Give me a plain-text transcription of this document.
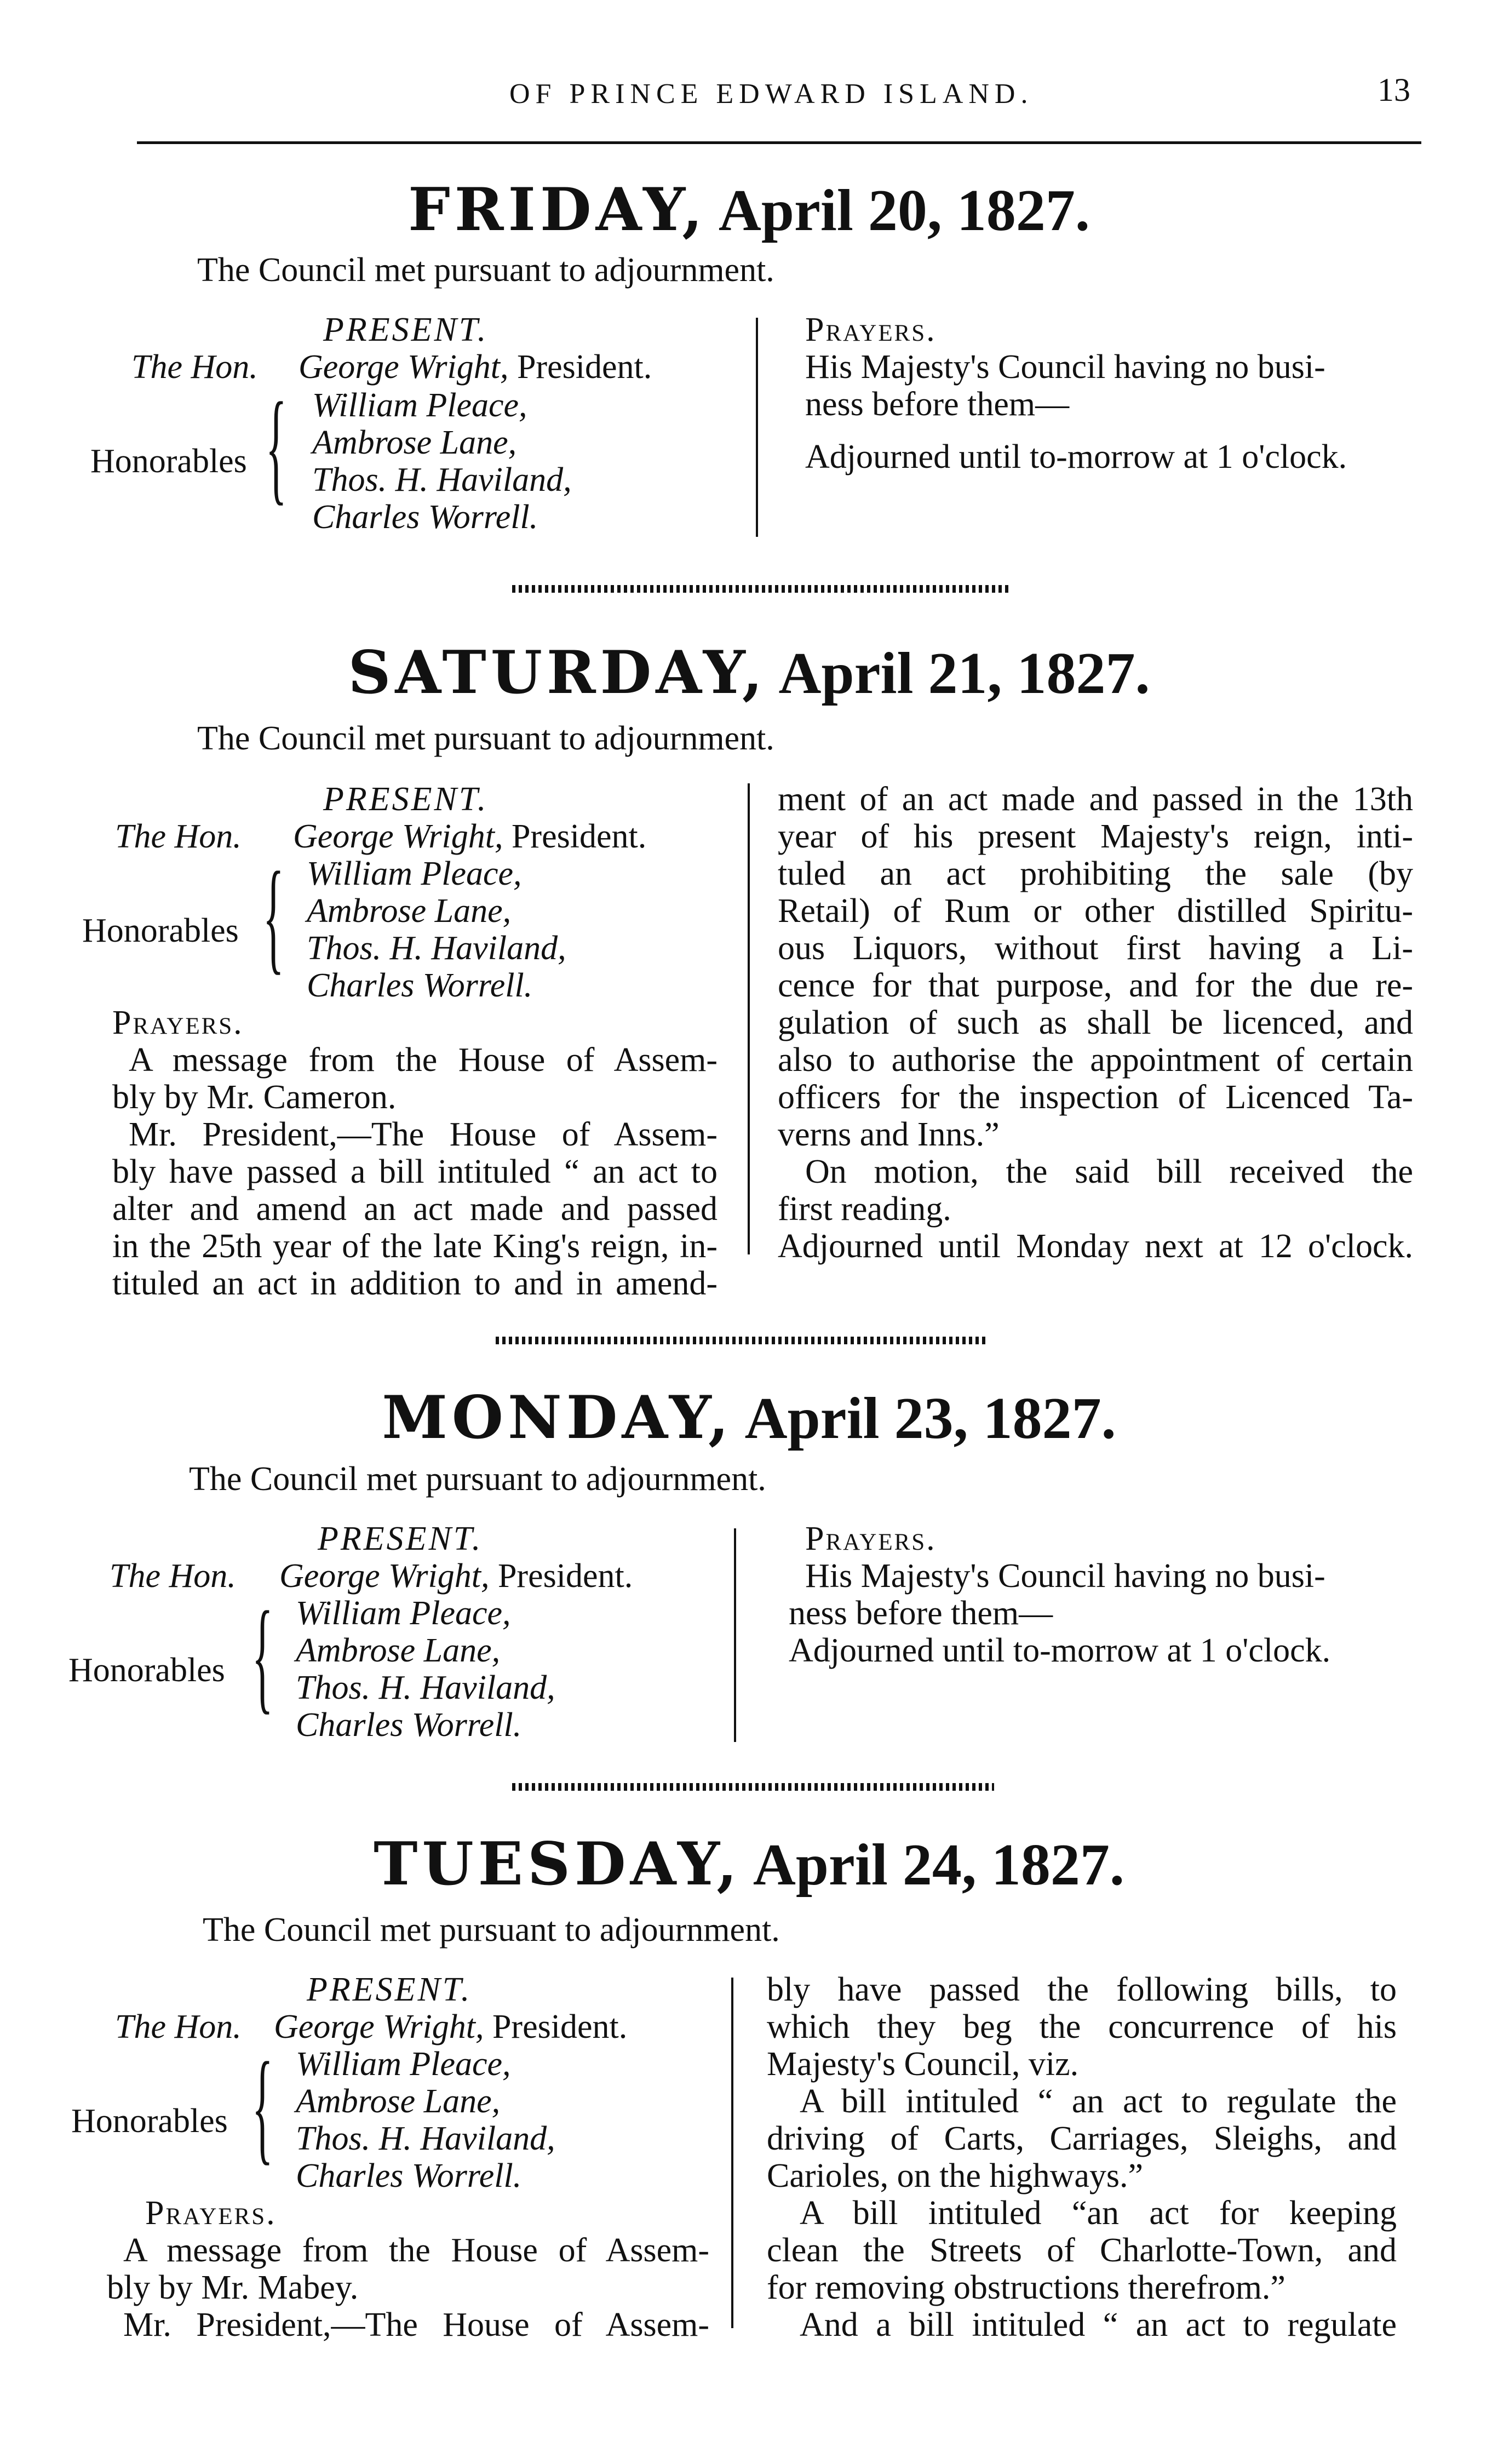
OF PRINCE EDWARD ISLAND.	13
FRIDAY, April 20, 1827.
The Council met pursuant to adjournment.
PRESENT.
The Hon. George Wright, President.
Honorables { William Pleace,
Ambrose Lane,
Thos. H. Haviland,
Charles Worrell.
Prayers.
His Majesty's Council having no busi-
ness before them—
Adjourned until to-morrow at 1 o'clock.
SATURDAY, April 21, 1827.
The Council met pursuant to adjournment.
PRESENT.
The Hon. George Wright, President.
Honorables { William Pleace,
Ambrose Lane,
Thos. H. Haviland,
Charles Worrell.
Prayers.
A message from the House of Assem-
bly by Mr. Cameron.
Mr. President,—The House of Assem-
bly have passed a bill intituled “ an act to
alter and amend an act made and passed
in the 25th year of the late King's reign, in-
tituled an act in addition to and in amend-
ment of an act made and passed in the 13th
year of his present Majesty's reign, inti-
tuled an act prohibiting the sale (by
Retail) of Rum or other distilled Spiritu-
ous Liquors, without first having a Li-
cence for that purpose, and for the due re-
gulation of such as shall be licenced, and
also to authorise the appointment of certain
officers for the inspection of Licenced Ta-
verns and Inns.”
On motion, the said bill received the
first reading.
Adjourned until Monday next at 12 o'clock.
MONDAY, April 23, 1827.
The Council met pursuant to adjournment.
PRESENT.
The Hon. George Wright, President.
Honorables { William Pleace,
Ambrose Lane,
Thos. H. Haviland,
Charles Worrell.
Prayers.
His Majesty's Council having no busi-
ness before them—
Adjourned until to-morrow at 1 o'clock.
TUESDAY, April 24, 1827.
The Council met pursuant to adjournment.
PRESENT.
The Hon. George Wright, President.
Honorables { William Pleace,
Ambrose Lane,
Thos. H. Haviland,
Charles Worrell.
Prayers.
A message from the House of Assem-
bly by Mr. Mabey.
Mr. President,—The House of Assem-
bly have passed the following bills, to
which they beg the concurrence of his
Majesty's Council, viz.
A bill intituled “ an act to regulate the
driving of Carts, Carriages, Sleighs, and
Carioles, on the highways.”
A bill intituled “an act for keeping
clean the Streets of Charlotte-Town, and
for removing obstructions therefrom.”
And a bill intituled “ an act to regulate
